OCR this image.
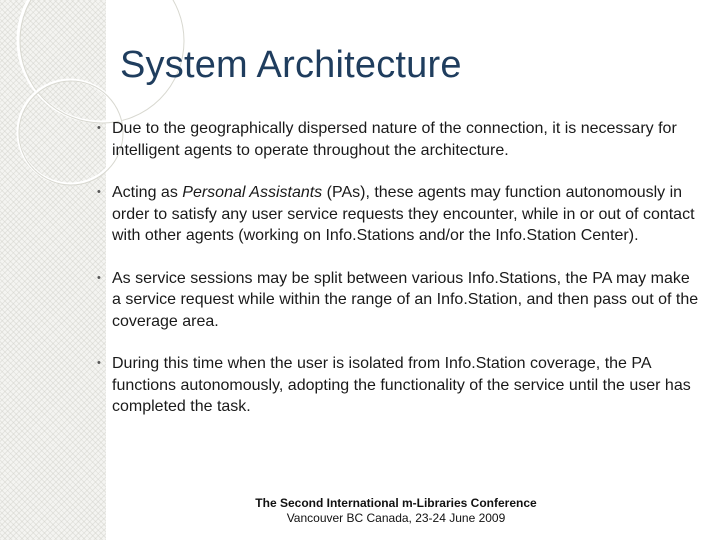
System Architecture
• Due to the geographically dispersed nature of the connection, it is necessary for intelligent agents to operate throughout the architecture.
• Acting as Personal Assistants (PAs), these agents may function autonomously in order to satisfy any user service requests they encounter, while in or out of contact with other agents (working on Info.Stations and/or the Info.Station Center).
• As service sessions may be split between various Info.Stations, the PA may make a service request while within the range of an Info.Station, and then pass out of the coverage area.
• During this time when the user is isolated from Info.Station coverage, the PA functions autonomously, adopting the functionality of the service until the user has completed the task.
The Second International m-Libraries Conference
Vancouver BC Canada, 23-24 June 2009
